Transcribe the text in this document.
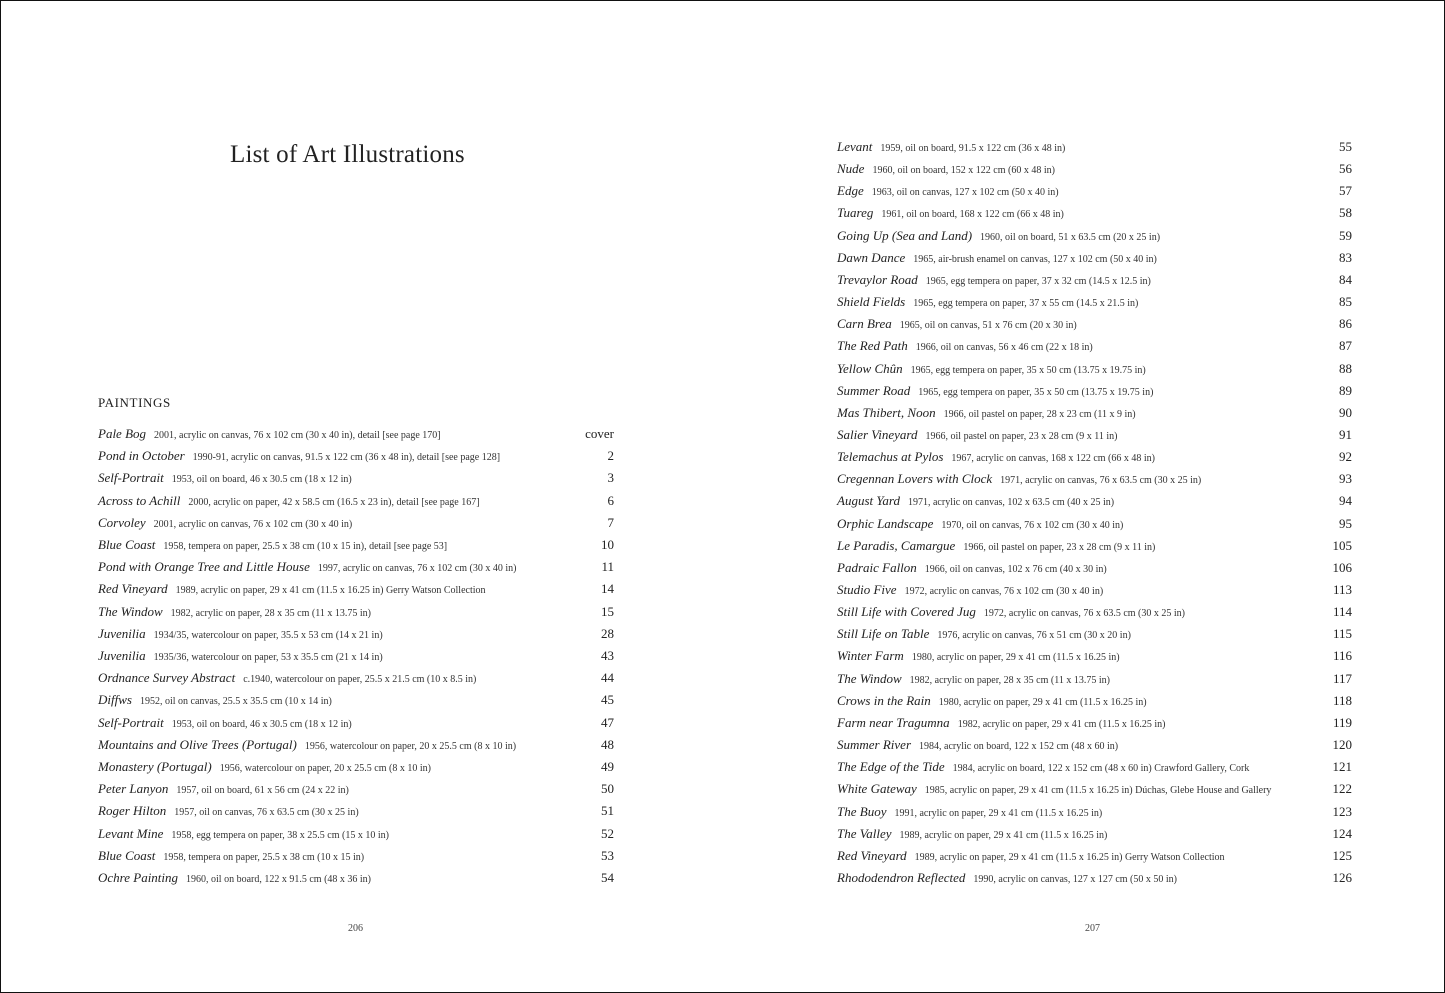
List of Art Illustrations
PAINTINGS
Pale Bog 2001, acrylic on canvas, 76 x 102 cm (30 x 40 in), detail [see page 170]	cover
Pond in October 1990-91, acrylic on canvas, 91.5 x 122 cm (36 x 48 in), detail [see page 128]	2
Self-Portrait 1953, oil on board, 46 x 30.5 cm (18 x 12 in)	3
Across to Achill 2000, acrylic on paper, 42 x 58.5 cm (16.5 x 23 in), detail [see page 167]	6
Corvoley 2001, acrylic on canvas, 76 x 102 cm (30 x 40 in)	7
Blue Coast 1958, tempera on paper, 25.5 x 38 cm (10 x 15 in), detail [see page 53]	10
Pond with Orange Tree and Little House 1997, acrylic on canvas, 76 x 102 cm (30 x 40 in)	11
Red Vineyard 1989, acrylic on paper, 29 x 41 cm (11.5 x 16.25 in) Gerry Watson Collection	14
The Window 1982, acrylic on paper, 28 x 35 cm (11 x 13.75 in)	15
Juvenilia 1934/35, watercolour on paper, 35.5 x 53 cm (14 x 21 in)	28
Juvenilia 1935/36, watercolour on paper, 53 x 35.5 cm (21 x 14 in)	43
Ordnance Survey Abstract c.1940, watercolour on paper, 25.5 x 21.5 cm (10 x 8.5 in)	44
Diffws 1952, oil on canvas, 25.5 x 35.5 cm (10 x 14 in)	45
Self-Portrait 1953, oil on board, 46 x 30.5 cm (18 x 12 in)	47
Mountains and Olive Trees (Portugal) 1956, watercolour on paper, 20 x 25.5 cm (8 x 10 in)	48
Monastery (Portugal) 1956, watercolour on paper, 20 x 25.5 cm (8 x 10 in)	49
Peter Lanyon 1957, oil on board, 61 x 56 cm (24 x 22 in)	50
Roger Hilton 1957, oil on canvas, 76 x 63.5 cm (30 x 25 in)	51
Levant Mine 1958, egg tempera on paper, 38 x 25.5 cm (15 x 10 in)	52
Blue Coast 1958, tempera on paper, 25.5 x 38 cm (10 x 15 in)	53
Ochre Painting 1960, oil on board, 122 x 91.5 cm (48 x 36 in)	54
Levant 1959, oil on board, 91.5 x 122 cm (36 x 48 in)	55
Nude 1960, oil on board, 152 x 122 cm (60 x 48 in)	56
Edge 1963, oil on canvas, 127 x 102 cm (50 x 40 in)	57
Tuareg 1961, oil on board, 168 x 122 cm (66 x 48 in)	58
Going Up (Sea and Land) 1960, oil on board, 51 x 63.5 cm (20 x 25 in)	59
Dawn Dance 1965, air-brush enamel on canvas, 127 x 102 cm (50 x 40 in)	83
Trevaylor Road 1965, egg tempera on paper, 37 x 32 cm (14.5 x 12.5 in)	84
Shield Fields 1965, egg tempera on paper, 37 x 55 cm (14.5 x 21.5 in)	85
Carn Brea 1965, oil on canvas, 51 x 76 cm (20 x 30 in)	86
The Red Path 1966, oil on canvas, 56 x 46 cm (22 x 18 in)	87
Yellow Chûn 1965, egg tempera on paper, 35 x 50 cm (13.75 x 19.75 in)	88
Summer Road 1965, egg tempera on paper, 35 x 50 cm (13.75 x 19.75 in)	89
Mas Thibert, Noon 1966, oil pastel on paper, 28 x 23 cm (11 x 9 in)	90
Salier Vineyard 1966, oil pastel on paper, 23 x 28 cm (9 x 11 in)	91
Telemachus at Pylos 1967, acrylic on canvas, 168 x 122 cm (66 x 48 in)	92
Cregennan Lovers with Clock 1971, acrylic on canvas, 76 x 63.5 cm (30 x 25 in)	93
August Yard 1971, acrylic on canvas, 102 x 63.5 cm (40 x 25 in)	94
Orphic Landscape 1970, oil on canvas, 76 x 102 cm (30 x 40 in)	95
Le Paradis, Camargue 1966, oil pastel on paper, 23 x 28 cm (9 x 11 in)	105
Padraic Fallon 1966, oil on canvas, 102 x 76 cm (40 x 30 in)	106
Studio Five 1972, acrylic on canvas, 76 x 102 cm (30 x 40 in)	113
Still Life with Covered Jug 1972, acrylic on canvas, 76 x 63.5 cm (30 x 25 in)	114
Still Life on Table 1976, acrylic on canvas, 76 x 51 cm (30 x 20 in)	115
Winter Farm 1980, acrylic on paper, 29 x 41 cm (11.5 x 16.25 in)	116
The Window 1982, acrylic on paper, 28 x 35 cm (11 x 13.75 in)	117
Crows in the Rain 1980, acrylic on paper, 29 x 41 cm (11.5 x 16.25 in)	118
Farm near Tragumna 1982, acrylic on paper, 29 x 41 cm (11.5 x 16.25 in)	119
Summer River 1984, acrylic on board, 122 x 152 cm (48 x 60 in)	120
The Edge of the Tide 1984, acrylic on board, 122 x 152 cm (48 x 60 in) Crawford Gallery, Cork	121
White Gateway 1985, acrylic on paper, 29 x 41 cm (11.5 x 16.25 in) Dúchas, Glebe House and Gallery	122
The Buoy 1991, acrylic on paper, 29 x 41 cm (11.5 x 16.25 in)	123
The Valley 1989, acrylic on paper, 29 x 41 cm (11.5 x 16.25 in)	124
Red Vineyard 1989, acrylic on paper, 29 x 41 cm (11.5 x 16.25 in) Gerry Watson Collection	125
Rhododendron Reflected 1990, acrylic on canvas, 127 x 127 cm (50 x 50 in)	126
206	207
